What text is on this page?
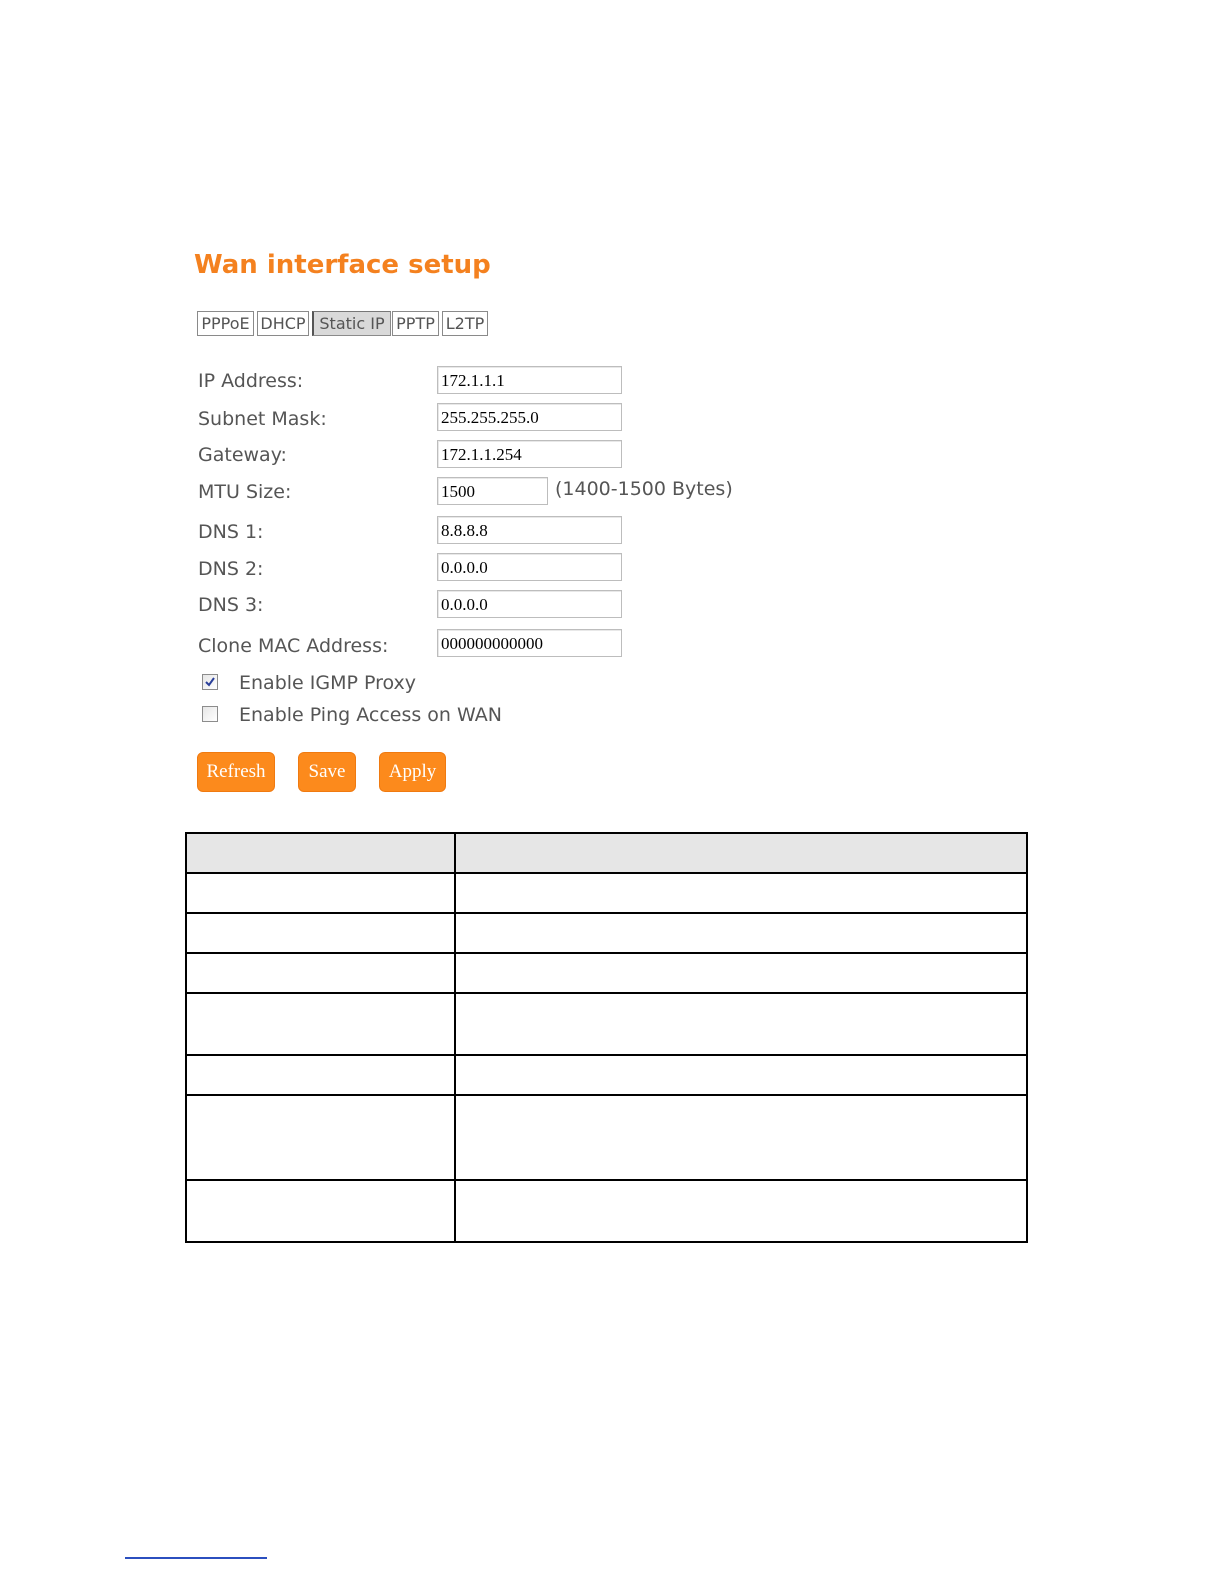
Wan interface setup
PPPoE DHCP Static IP PPTP L2TP
IP Address:	172.1.1.1
Subnet Mask:	255.255.255.0
Gateway:	172.1.1.254
MTU Size:	1500	(1400-1500 Bytes)
DNS 1:	8.8.8.8
DNS 2:	0.0.0.0
DNS 3:	0.0.0.0
Clone MAC Address:	000000000000
Enable IGMP Proxy
Enable Ping Access on WAN
Refresh	Save	Apply
